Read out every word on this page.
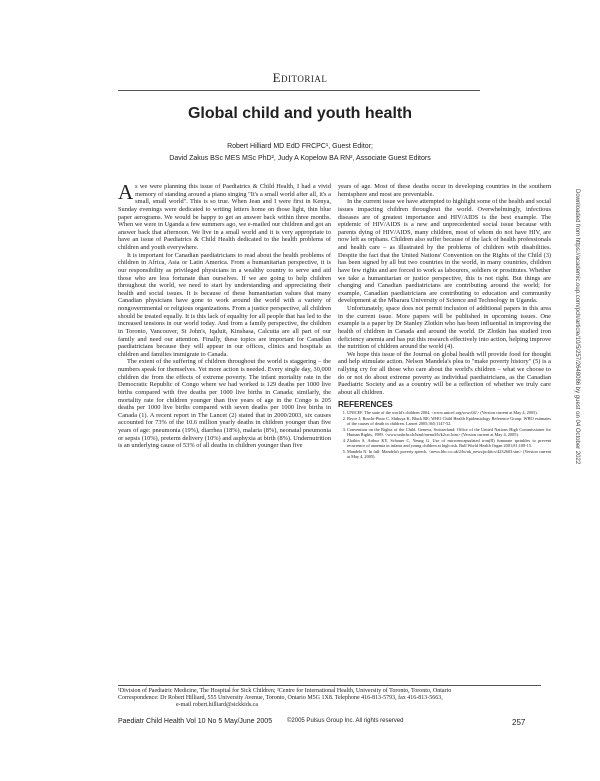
Editorial
Global child and youth health
Robert Hilliard MD EdD FRCPC¹, Guest Editor;
David Zakus BSc MES MSc PhD², Judy A Kopelow BA RN², Associate Guest Editors

As we were planning this issue of Paediatrics & Child Health, I had a vivid memory of standing around a piano singing "It's a small world after all, it's a small, small world". This is so true. When Jean and I were first in Kenya, Sunday evenings were dedicated to writing letters home on those light, thin blue paper aerograms. We would be happy to get an answer back within three months. When we were in Uganda a few summers ago, we e-mailed our children and got an answer back that afternoon. We live in a small world and it is very appropriate to have an issue of Paediatrics & Child Health dedicated to the health problems of children and youth everywhere.

It is important for Canadian paediatricians to read about the health problems of children in Africa, Asia or Latin America. From a humanitarian perspective, it is our responsibility as privileged physicians in a wealthy country to serve and aid those who are less fortunate than ourselves. If we are going to help children throughout the world, we need to start by understanding and appreciating their health and social issues. It is because of these humanitarian values that many Canadian physicians have gone to work around the world with a variety of nongovernmental or religious organizations. From a justice perspective, all children should be treated equally. It is this lack of equality for all people that has led to the increased tensions in our world today. And from a family perspective, the children in Toronto, Vancouver, St John's, Iqaluit, Kinshasa, Calcutta are all part of our family and need our attention. Finally, these topics are important for Canadian paediatricians because they will appear in our offices, clinics and hospitals as children and families immigrate to Canada.

The extent of the suffering of children throughout the world is staggering – the numbers speak for themselves. Yet more action is needed. Every single day, 30,000 children die from the effects of extreme poverty. The infant mortality rate in the Democratic Republic of Congo where we had worked is 129 deaths per 1000 live births compared with five deaths per 1000 live births in Canada; similarly, the mortality rate for children younger than five years of age in the Congo is 205 deaths per 1000 live births compared with seven deaths per 1000 live births in Canada (1). A recent report in The Lancet (2) stated that in 2000/2003, six causes accounted for 73% of the 10.6 million yearly deaths in children younger than five years of age: pneumonia (19%), diarrhea (18%), malaria (8%), neonatal pneumonia or sepsis (10%), preterm delivery (10%) and asphyxia at birth (8%). Undernutrition is an underlying cause of 53% of all deaths in children younger than five

years of age. Most of these deaths occur in developing countries in the southern hemisphere and most are preventable.

In the current issue we have attempted to highlight some of the health and social issues impacting children throughout the world. Overwhelmingly, infectious diseases are of greatest importance and HIV/AIDS is the best example. The epidemic of HIV/AIDS is a new and unprecedented social issue because with parents dying of HIV/AIDS, many children, most of whom do not have HIV, are now left as orphans. Children also suffer because of the lack of health professionals and health care – as illustrated by the problems of children with disabilities. Despite the fact that the United Nations' Convention on the Rights of the Child (3) has been signed by all but two countries in the world, in many countries, children have few rights and are forced to work as labourers, soldiers or prostitutes. Whether we take a humanitarian or justice perspective, this is not right. But things are changing and Canadian paediatricians are contributing around the world; for example, Canadian paediatricians are contributing to education and community development at the Mbarara University of Science and Technology in Uganda.

Unfortunately, space does not permit inclusion of additional papers in this area in the current issue. More papers will be published in upcoming issues. One example is a paper by Dr Stanley Zlotkin who has been influential in improving the health of children in Canada and around the world. Dr Zlotkin has studied iron deficiency anemia and has put this research effectively into action, helping improve the nutrition of children around the world (4).

We hope this issue of the Journal on global health will provide food for thought and help stimulate action. Nelson Mandela's plea to "make poverty history" (5) is a rallying cry for all those who care about the world's children – what we choose to do or not do about extreme poverty as individual paediatricians, as the Canadian Paediatric Society and as a country will be a reflection of whether we truly care about all children.

REFERENCES
1. UNICEF. The state of the world's children 2004. <www.unicef.org/sowc04/> (Version current at May 4, 2005).
2. Bryce J, Boschi-Pinto C, Shibuya K, Black RE; WHO Child Health Epidemiology Reference Group. WHO estimates of the causes of death in children. Lancet 2005;365:1147-52.
3. Convention on the Rights of the Child. Geneva, Switzerland: Office of the United Nations High Commissioner for Human Rights, 1989. <www.unhchr.ch/html/menu3/b/k2crc.htm> (Version current at May 4, 2005).
4. Zlotkin S, Arthur KY, Schauer C, Yeung G. Use of microencapsulated iron(II) fumarate sprinkles to prevent recurrence of anaemia in infants and young children at high risk. Bull World Health Organ 2001;81:108-15.
5. Mandela N. In full: Mandela's poverty speech. <news.bbc.co.uk/2/hi/uk_news/politics/4232603.stm> (Version current at May 4, 2005).
¹Division of Paediatric Medicine, The Hospital for Sick Children; ²Centre for International Health, University of Toronto, Toronto, Ontario
Correspondence: Dr Robert Hilliard, 555 University Avenue, Toronto, Ontario M5G 1X8. Telephone 416-813-5793, fax 416-813-5663,
e-mail robert.hilliard@sickkids.ca
Paediatr Child Health Vol 10 No 5 May/June 2005 ©2005 Pulsus Group Inc. All rights reserved	257
Downloaded from https://academic.oup.com/pch/article/10/5/257/2648086 by guest on 04 October 2022
